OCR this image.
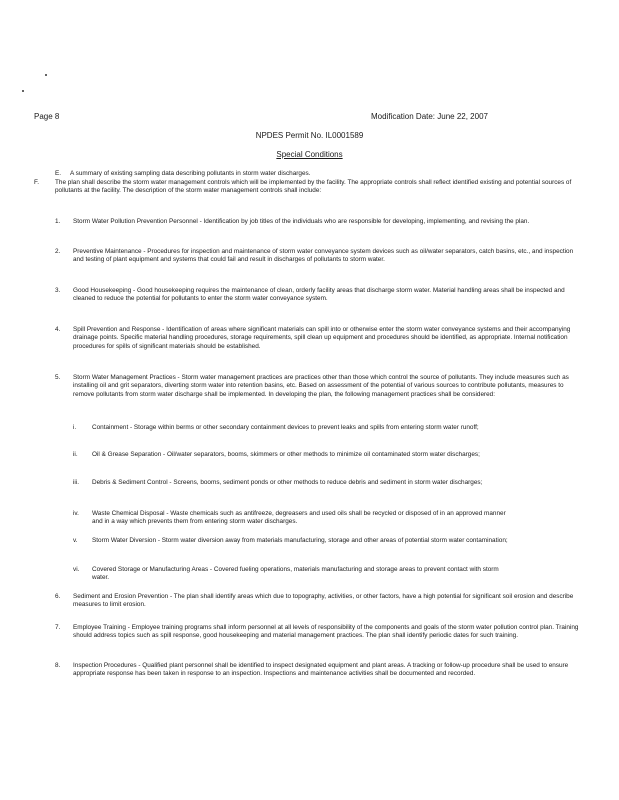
Page 8	Modification Date: June 22, 2007
NPDES Permit No. IL0001589
Special Conditions
E. A summary of existing sampling data describing pollutants in storm water discharges.
F.	The plan shall describe the storm water management controls which will be implemented by the facility. The appropriate controls shall reflect identified existing and potential sources of pollutants at the facility. The description of the storm water management controls shall include:
1. Storm Water Pollution Prevention Personnel - Identification by job titles of the individuals who are responsible for developing, implementing, and revising the plan.
2. Preventive Maintenance - Procedures for inspection and maintenance of storm water conveyance system devices such as oil/water separators, catch basins, etc., and inspection and testing of plant equipment and systems that could fail and result in discharges of pollutants to storm water.
3. Good Housekeeping - Good housekeeping requires the maintenance of clean, orderly facility areas that discharge storm water. Material handling areas shall be inspected and cleaned to reduce the potential for pollutants to enter the storm water conveyance system.
4. Spill Prevention and Response - Identification of areas where significant materials can spill into or otherwise enter the storm water conveyance systems and their accompanying drainage points. Specific material handling procedures, storage requirements, spill clean up equipment and procedures should be identified, as appropriate. Internal notification procedures for spills of significant materials should be established.
5. Storm Water Management Practices - Storm water management practices are practices other than those which control the source of pollutants. They include measures such as installing oil and grit separators, diverting storm water into retention basins, etc. Based on assessment of the potential of various sources to contribute pollutants, measures to remove pollutants from storm water discharge shall be implemented. In developing the plan, the following management practices shall be considered:
i. Containment - Storage within berms or other secondary containment devices to prevent leaks and spills from entering storm water runoff;
ii. Oil & Grease Separation - Oil/water separators, booms, skimmers or other methods to minimize oil contaminated storm water discharges;
iii. Debris & Sediment Control - Screens, booms, sediment ponds or other methods to reduce debris and sediment in storm water discharges;
iv. Waste Chemical Disposal - Waste chemicals such as antifreeze, degreasers and used oils shall be recycled or disposed of in an approved manner and in a way which prevents them from entering storm water discharges.
v. Storm Water Diversion - Storm water diversion away from materials manufacturing, storage and other areas of potential storm water contamination;
vi. Covered Storage or Manufacturing Areas - Covered fueling operations, materials manufacturing and storage areas to prevent contact with storm water.
6. Sediment and Erosion Prevention - The plan shall identify areas which due to topography, activities, or other factors, have a high potential for significant soil erosion and describe measures to limit erosion.
7. Employee Training - Employee training programs shall inform personnel at all levels of responsibility of the components and goals of the storm water pollution control plan. Training should address topics such as spill response, good housekeeping and material management practices. The plan shall identify periodic dates for such training.
8. Inspection Procedures - Qualified plant personnel shall be identified to inspect designated equipment and plant areas. A tracking or follow-up procedure shall be used to ensure appropriate response has been taken in response to an inspection. Inspections and maintenance activities shall be documented and recorded.
